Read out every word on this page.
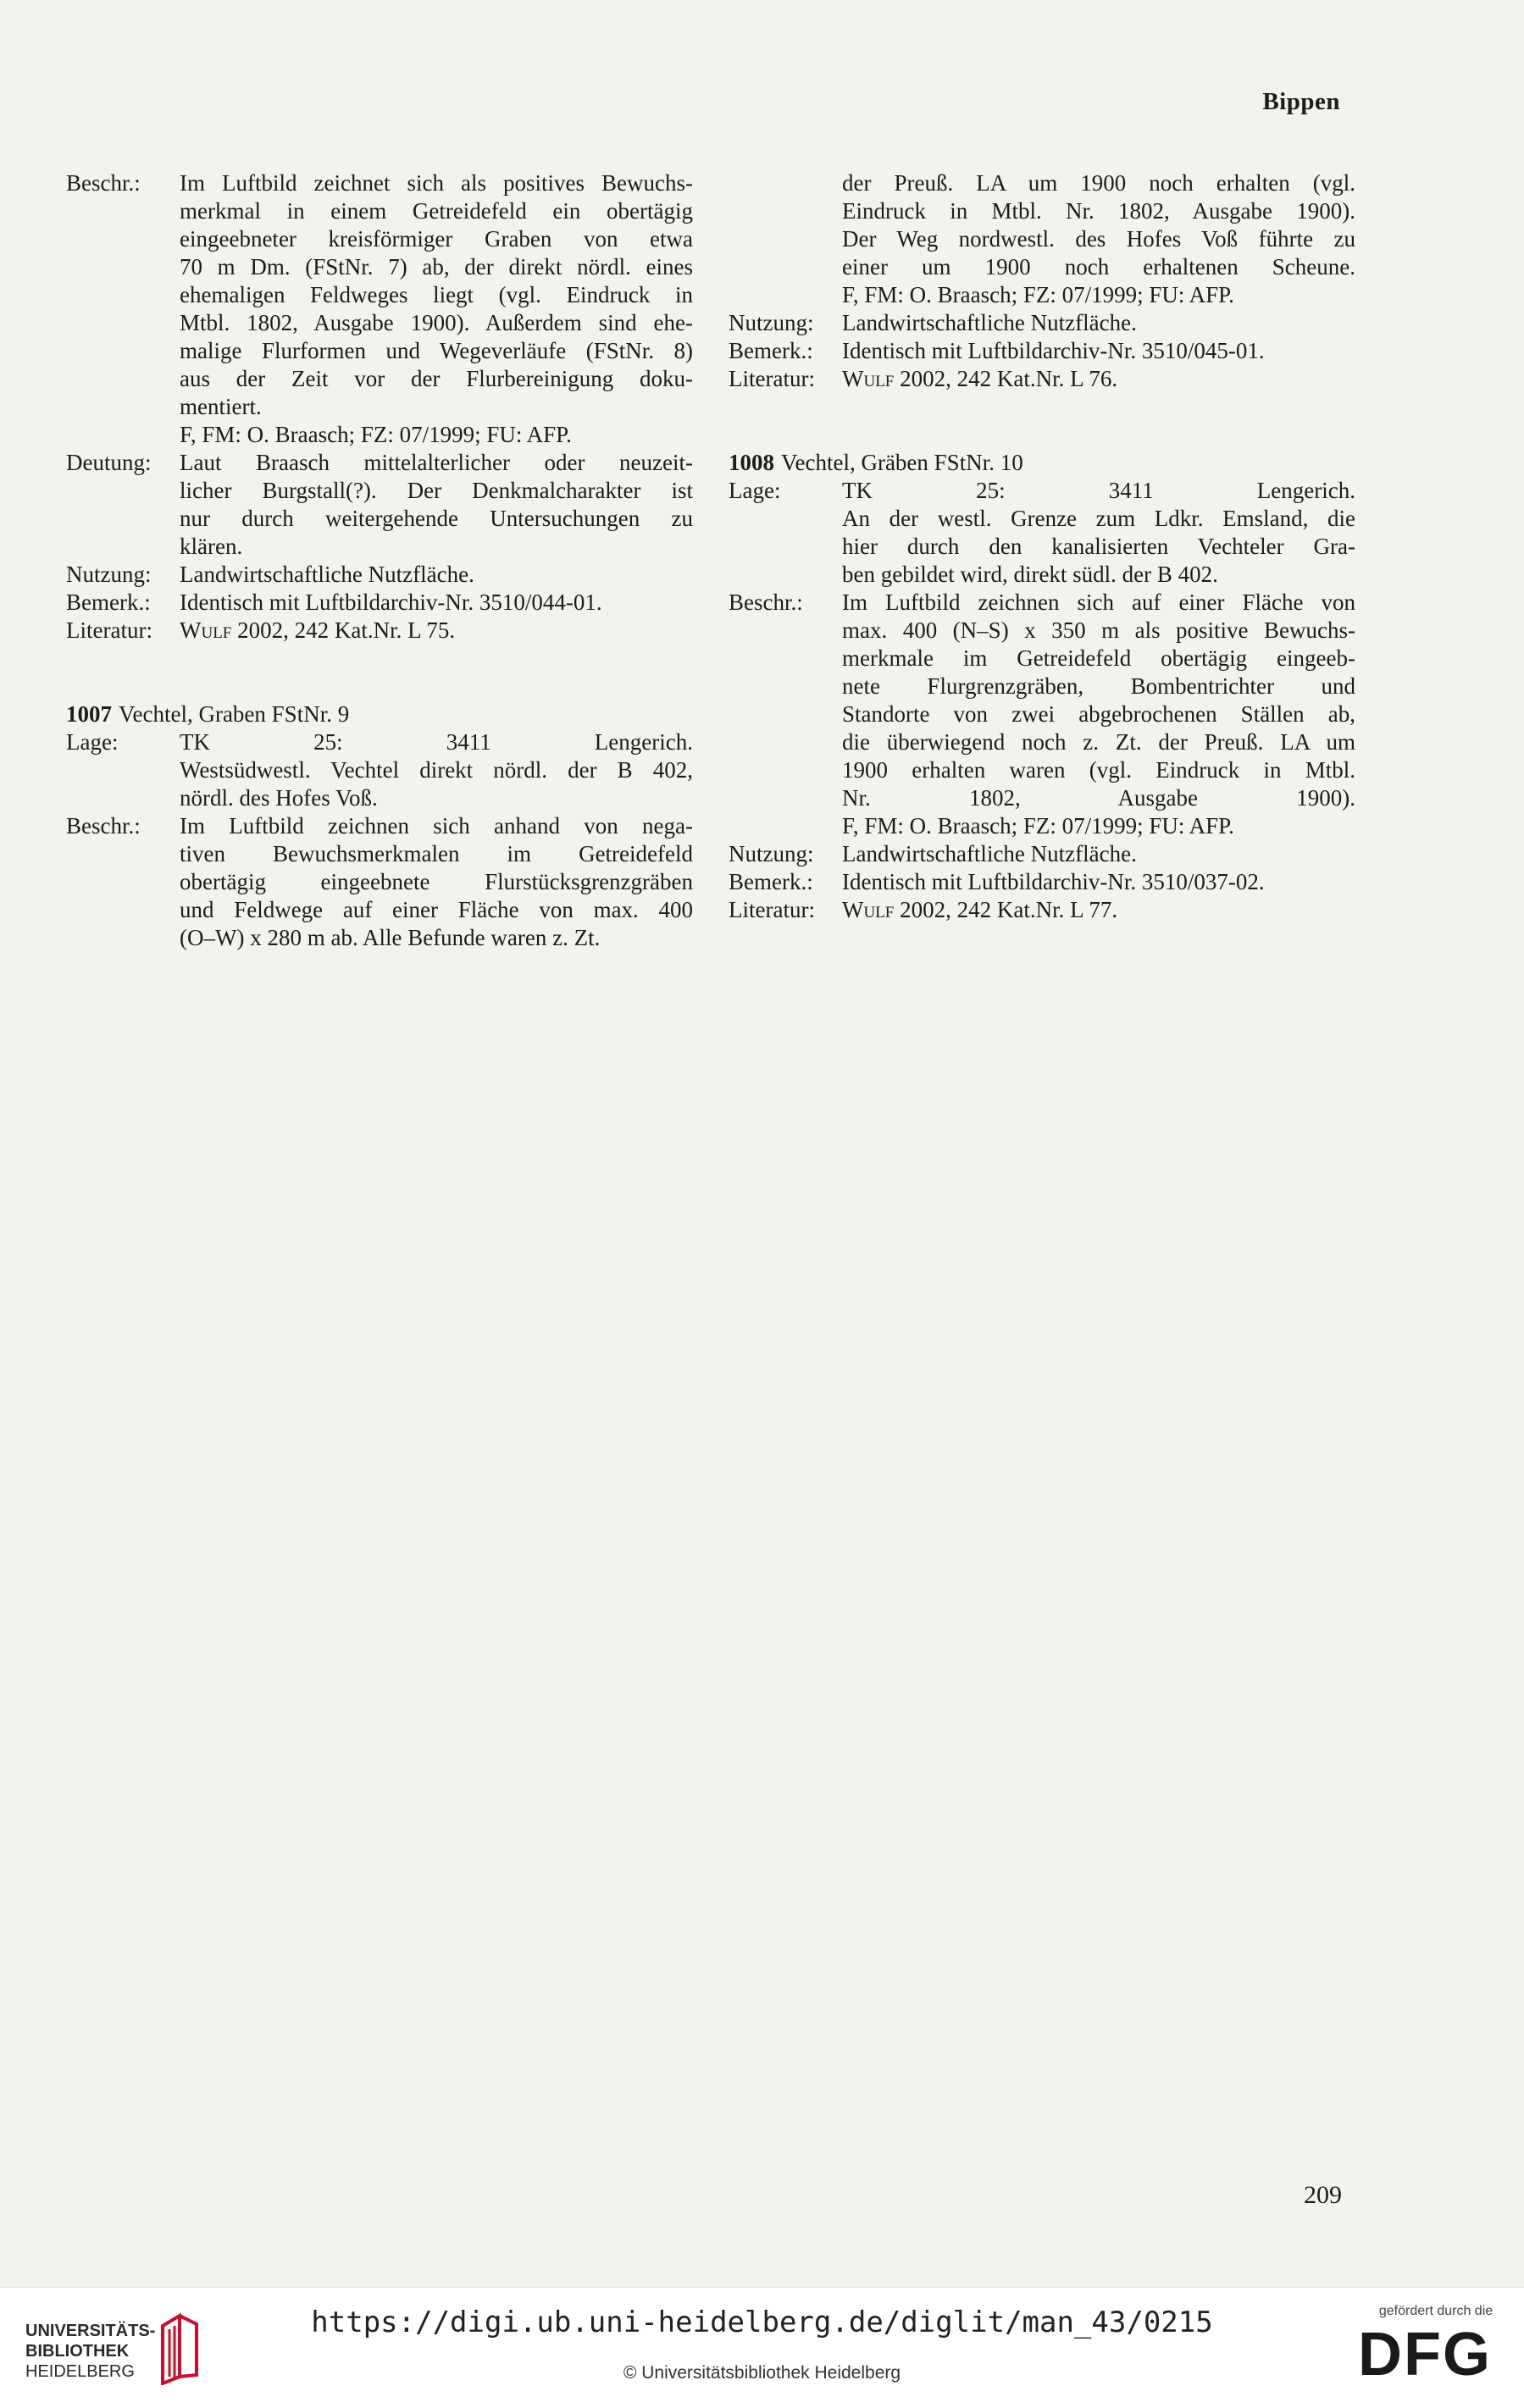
Bippen
Beschr.:	Im Luftbild zeichnet sich als positives Bewuchs-
merkmal in einem Getreidefeld ein obertägig
eingeebneter kreisförmiger Graben von etwa
70 m Dm. (FStNr. 7) ab, der direkt nördl. eines
ehemaligen Feldweges liegt (vgl. Eindruck in
Mtbl. 1802, Ausgabe 1900). Außerdem sind ehe-
malige Flurformen und Wegeverläufe (FStNr. 8)
aus der Zeit vor der Flurbereinigung doku-
mentiert.
F, FM: O. Braasch; FZ: 07/1999; FU: AFP.
Deutung:	Laut Braasch mittelalterlicher oder neuzeit-
licher Burgstall(?). Der Denkmalcharakter ist
nur durch weitergehende Untersuchungen zu
klären.
Nutzung:	Landwirtschaftliche Nutzfläche.
Bemerk.:	Identisch mit Luftbildarchiv-Nr. 3510/044-01.
Literatur:	Wulf 2002, 242 Kat.Nr. L 75.
1007 Vechtel, Graben FStNr. 9
Lage:	TK 25: 3411 Lengerich.
Westsüdwestl. Vechtel direkt nördl. der B 402,
nördl. des Hofes Voß.
Beschr.:	Im Luftbild zeichnen sich anhand von nega-
tiven Bewuchsmerkmalen im Getreidefeld
obertägig eingeebnete Flurstücksgrenzgräben
und Feldwege auf einer Fläche von max. 400
(O–W) x 280 m ab. Alle Befunde waren z. Zt.
der Preuß. LA um 1900 noch erhalten (vgl.
Eindruck in Mtbl. Nr. 1802, Ausgabe 1900).
Der Weg nordwestl. des Hofes Voß führte zu
einer um 1900 noch erhaltenen Scheune.
F, FM: O. Braasch; FZ: 07/1999; FU: AFP.
Nutzung:	Landwirtschaftliche Nutzfläche.
Bemerk.:	Identisch mit Luftbildarchiv-Nr. 3510/045-01.
Literatur:	Wulf 2002, 242 Kat.Nr. L 76.
1008 Vechtel, Gräben FStNr. 10
Lage:	TK 25: 3411 Lengerich.
An der westl. Grenze zum Ldkr. Emsland, die
hier durch den kanalisierten Vechteler Gra-
ben gebildet wird, direkt südl. der B 402.
Beschr.:	Im Luftbild zeichnen sich auf einer Fläche von
max. 400 (N–S) x 350 m als positive Bewuchs-
merkmale im Getreidefeld obertägig eingeeb-
nete Flurgrenzgräben, Bombentrichter und
Standorte von zwei abgebrochenen Ställen ab,
die überwiegend noch z. Zt. der Preuß. LA um
1900 erhalten waren (vgl. Eindruck in Mtbl.
Nr. 1802, Ausgabe 1900).
F, FM: O. Braasch; FZ: 07/1999; FU: AFP.
Nutzung:	Landwirtschaftliche Nutzfläche.
Bemerk.:	Identisch mit Luftbildarchiv-Nr. 3510/037-02.
Literatur:	Wulf 2002, 242 Kat.Nr. L 77.
209
UNIVERSITÄTS-
BIBLIOTHEK
HEIDELBERG
https://digi.ub.uni-heidelberg.de/diglit/man_43/0215
© Universitätsbibliothek Heidelberg
gefördert durch die
DFG
